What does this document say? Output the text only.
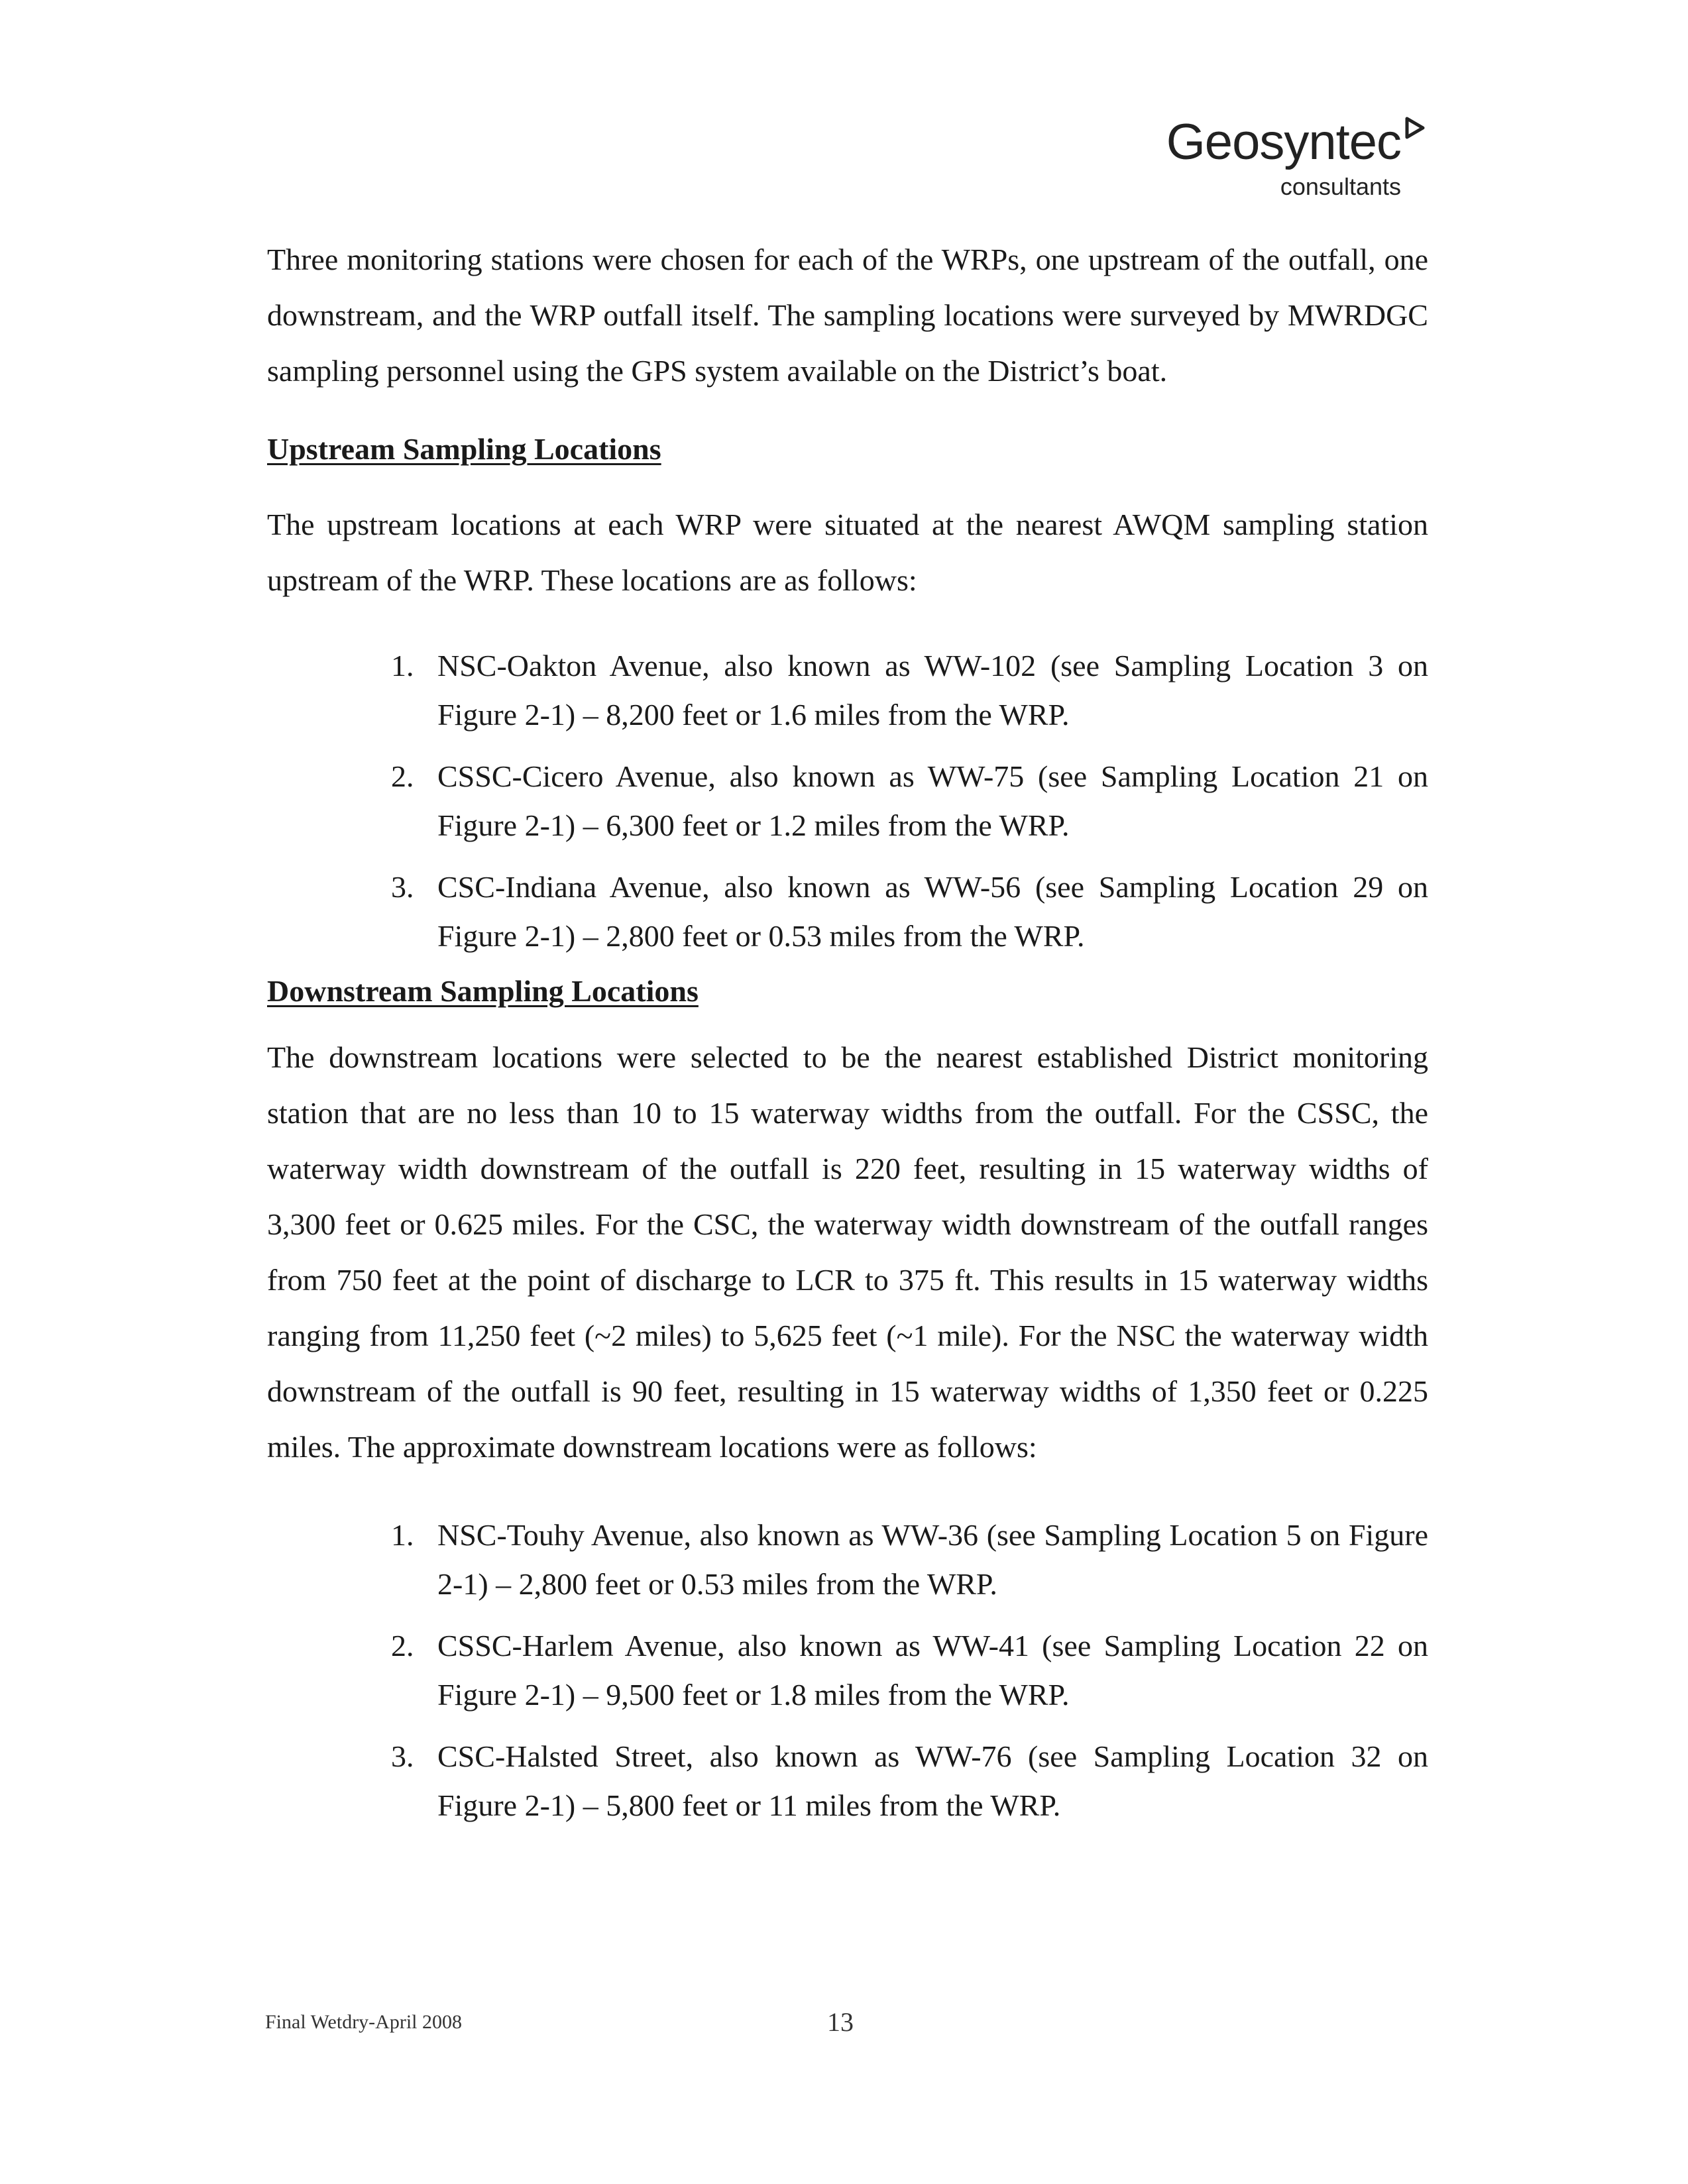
Geosyntec
consultants

Three monitoring stations were chosen for each of the WRPs, one upstream of the outfall, one downstream, and the WRP outfall itself. The sampling locations were surveyed by MWRDGC sampling personnel using the GPS system available on the District’s boat.

Upstream Sampling Locations

The upstream locations at each WRP were situated at the nearest AWQM sampling station upstream of the WRP. These locations are as follows:

1. NSC-Oakton Avenue, also known as WW-102 (see Sampling Location 3 on Figure 2-1) – 8,200 feet or 1.6 miles from the WRP.
2. CSSC-Cicero Avenue, also known as WW-75 (see Sampling Location 21 on Figure 2-1) – 6,300 feet or 1.2 miles from the WRP.
3. CSC-Indiana Avenue, also known as WW-56 (see Sampling Location 29 on Figure 2-1) – 2,800 feet or 0.53 miles from the WRP.
Downstream Sampling Locations

The downstream locations were selected to be the nearest established District monitoring station that are no less than 10 to 15 waterway widths from the outfall. For the CSSC, the waterway width downstream of the outfall is 220 feet, resulting in 15 waterway widths of 3,300 feet or 0.625 miles. For the CSC, the waterway width downstream of the outfall ranges from 750 feet at the point of discharge to LCR to 375 ft. This results in 15 waterway widths ranging from 11,250 feet (~2 miles) to 5,625 feet (~1 mile). For the NSC the waterway width downstream of the outfall is 90 feet, resulting in 15 waterway widths of 1,350 feet or 0.225 miles. The approximate downstream locations were as follows:

1. NSC-Touhy Avenue, also known as WW-36 (see Sampling Location 5 on Figure 2-1) – 2,800 feet or 0.53 miles from the WRP.
2. CSSC-Harlem Avenue, also known as WW-41 (see Sampling Location 22 on Figure 2-1) – 9,500 feet or 1.8 miles from the WRP.
3. CSC-Halsted Street, also known as WW-76 (see Sampling Location 32 on Figure 2-1) – 5,800 feet or 11 miles from the WRP.
Final Wetdry-April 2008	13
